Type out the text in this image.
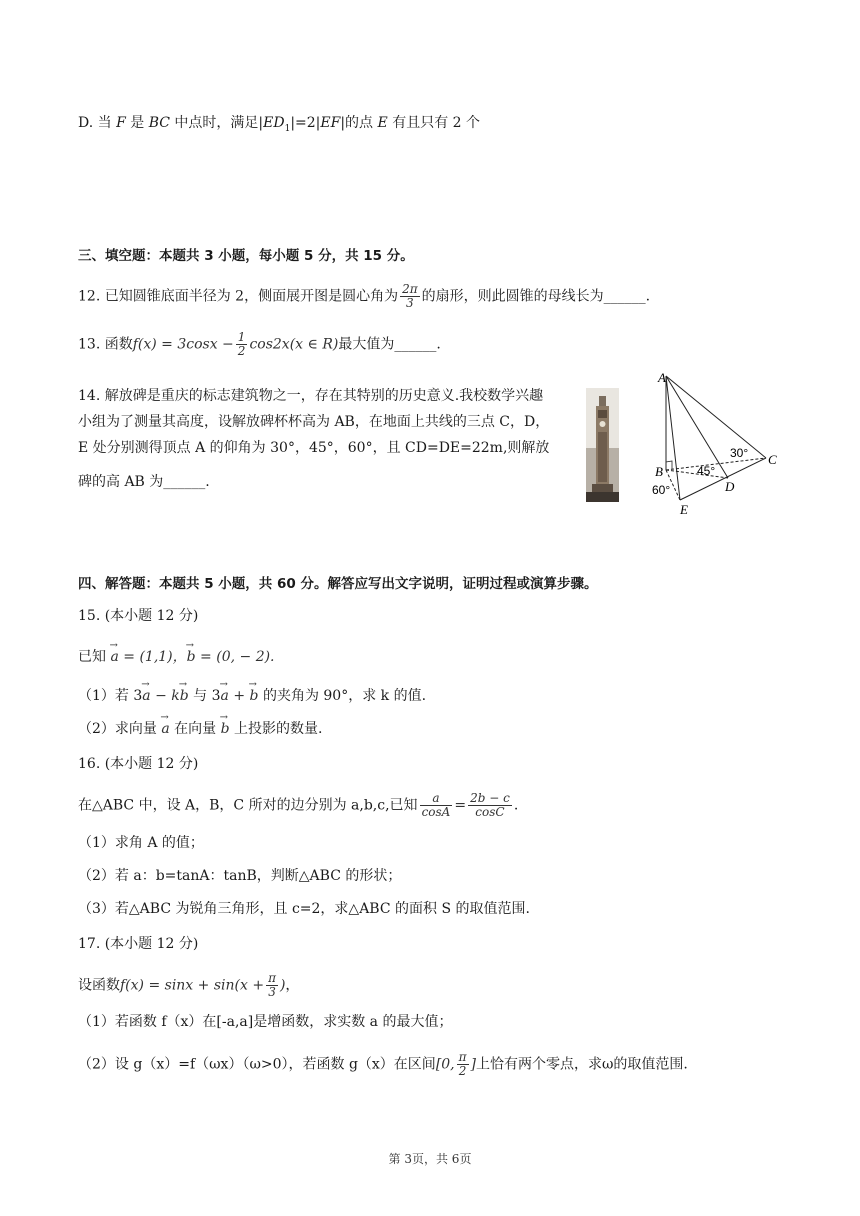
D. 当 F 是 BC 中点时，满足$|ED_1|=2|EF|$的点 E 有且只有 2 个
三、填空题：本题共 3 小题，每小题 5 分，共 15 分。
12. 已知圆锥底面半径为 2，侧面展开图是圆心角为 $\frac{2\pi}{3}$ 的扇形，则此圆锥的母线长为______.
13. 函数$f(x) = 3\cos x - \frac{1}{2} \cos 2x(x$ ∈ R)最大值为______.
14. 解放碑是重庆的标志建筑物之一，存在其特别的历史意义.我校数学兴趣
小组为了测量其高度，设解放碑杯杯高为 AB，在地面上共线的三点 C，D，
E 处分别测得顶点 A 的仰角为 30°，45°，60°，且 CD=DE=22m,则解放
碑的高 AB 为______.
A
B
C
D
E
30°
45°
60°
四、解答题：本题共 5 小题，共 60 分。解答应写出文字说明，证明过程或演算步骤。
15. (本小题 12 分)
已知 → a = (1,1)，→ b = (0, − 2).
（1）若 3→ a − k→ b 与 3→ a + → b 的夹角为 90°，求 k 的值.
（2）求向量 → a 在向量 → b 上投影的数量.
16. (本小题 12 分)
在△ABC 中，设 A，B，C 所对的边分别为 a,b,c,已知 $\frac{a}{\cos A} = \frac{2b - c}{\cos C}$ .
（1）求角 A 的值；
（2）若 a：b=tanA：tanB，判断△ABC 的形状；
（3）若△ABC 为锐角三角形，且 c=2，求△ABC 的面积 S 的取值范围.
17. (本小题 12 分)
设函数$f(x) = \sin x + \sin(x + \frac{\pi}{3}$ )，
（1）若函数 f（x）在[-a,a]是增函数，求实数 a 的最大值；
（2）设 g（x）=f（ωx）（ω>0），若函数 g（x）在区间[0, $\frac{\pi}{2}$ ]上恰有两个零点，求ω的取值范围.
第 3页，共 6页
